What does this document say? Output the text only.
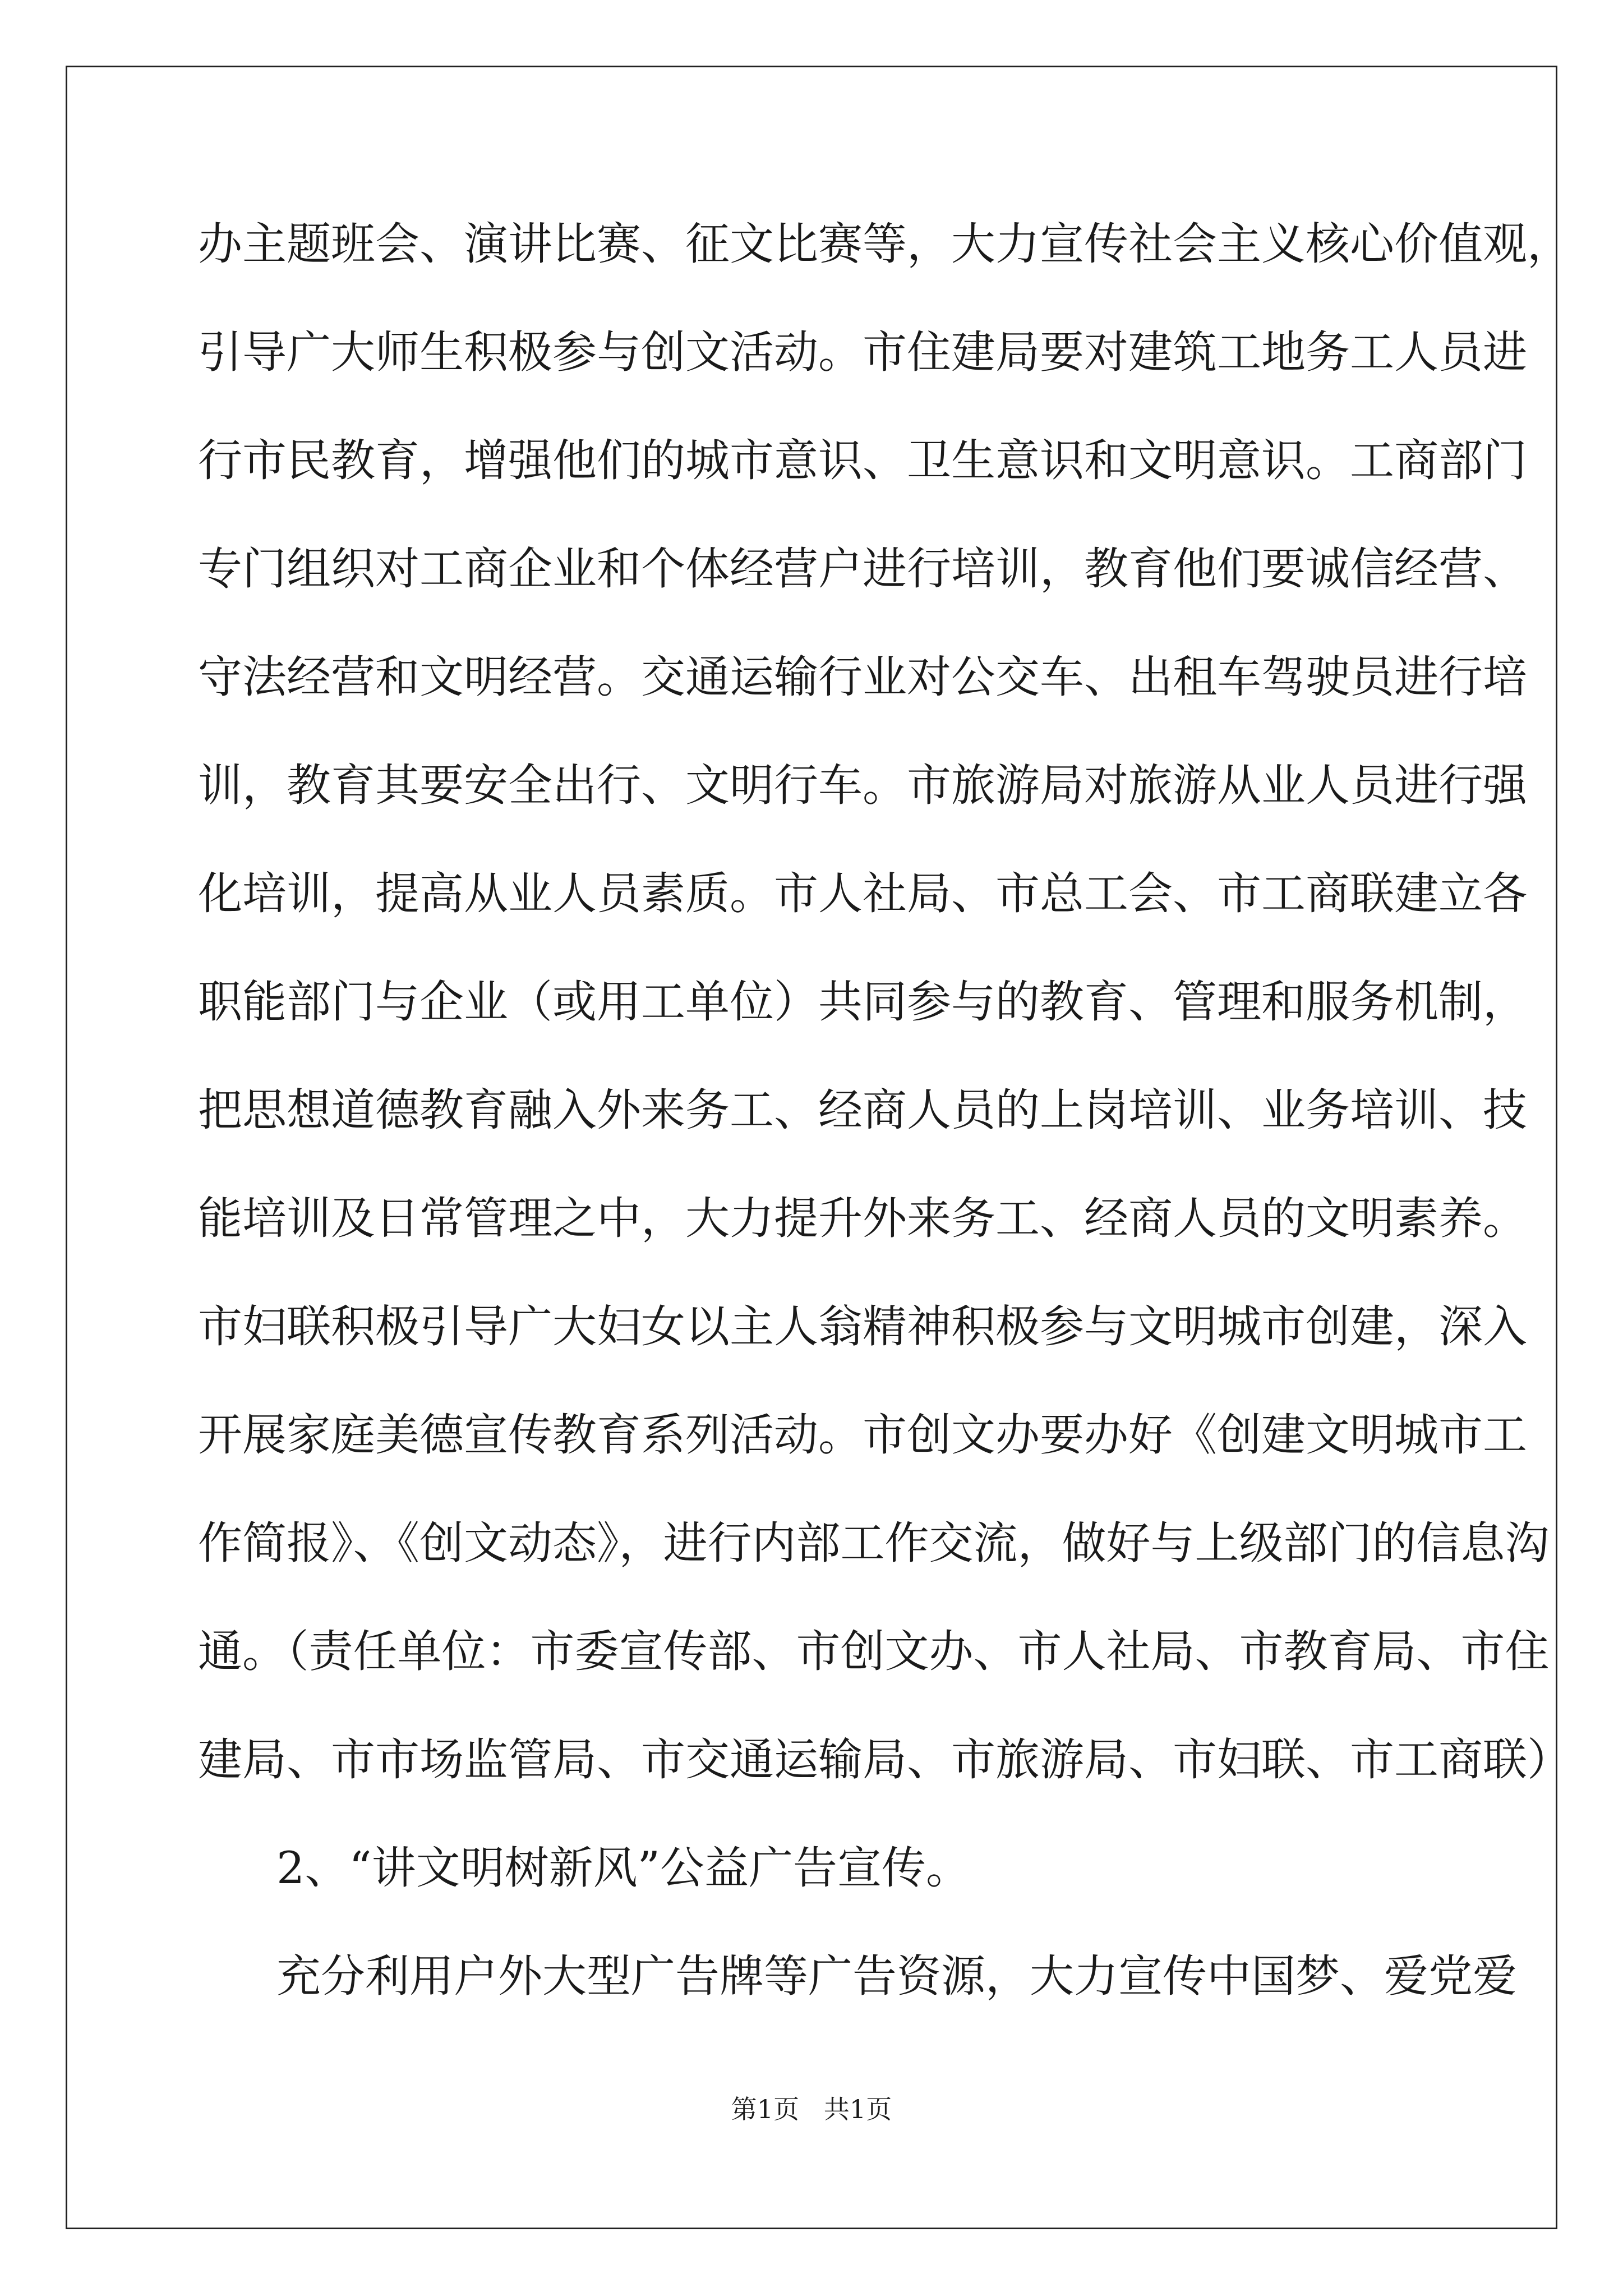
办主题班会、演讲比赛、征文比赛等，大力宣传社会主义核心价值观，
引导广大师生积极参与创文活动。市住建局要对建筑工地务工人员进
行市民教育，增强他们的城市意识、卫生意识和文明意识。工商部门
专门组织对工商企业和个体经营户进行培训，教育他们要诚信经营、
守法经营和文明经营。交通运输行业对公交车、出租车驾驶员进行培
训，教育其要安全出行、文明行车。市旅游局对旅游从业人员进行强
化培训，提高从业人员素质。市人社局、市总工会、市工商联建立各
职能部门与企业（或用工单位）共同参与的教育、管理和服务机制，
把思想道德教育融入外来务工、经商人员的上岗培训、业务培训、技
能培训及日常管理之中，大力提升外来务工、经商人员的文明素养。
市妇联积极引导广大妇女以主人翁精神积极参与文明城市创建，深入
开展家庭美德宣传教育系列活动。市创文办要办好《创建文明城市工
作简报》、《创文动态》，进行内部工作交流，做好与上级部门的信息沟
通。（责任单位：市委宣传部、市创文办、市人社局、市教育局、市住
建局、市市场监管局、市交通运输局、市旅游局、市妇联、市工商联）
2、“讲文明树新风”公益广告宣传。
充分利用户外大型广告牌等广告资源，大力宣传中国梦、爱党爱
第1页   共1页
